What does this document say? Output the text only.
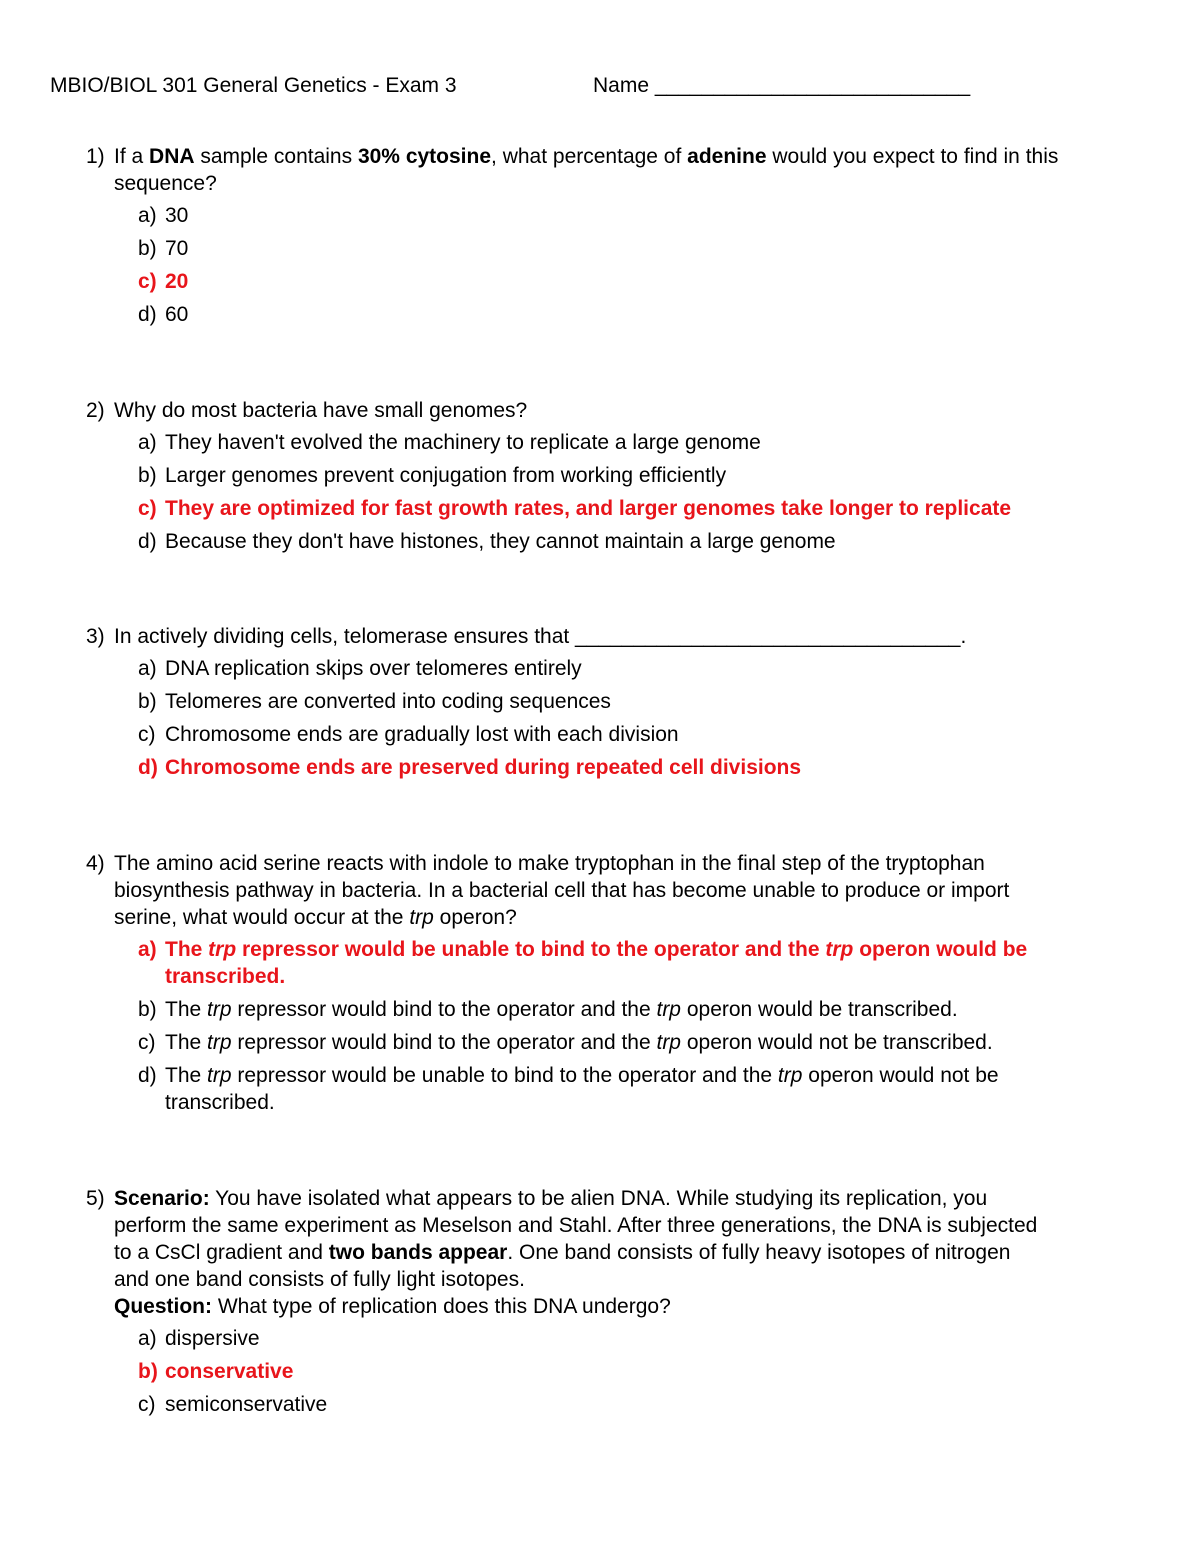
MBIO/BIOL 301 General Genetics - Exam 3	Name ___________________________
1) If a DNA sample contains 30% cytosine, what percentage of adenine would you expect to find in this sequence?
a) 30
b) 70
c) 20
d) 60
2) Why do most bacteria have small genomes?
a) They haven't evolved the machinery to replicate a large genome
b) Larger genomes prevent conjugation from working efficiently
c) They are optimized for fast growth rates, and larger genomes take longer to replicate
d) Because they don't have histones, they cannot maintain a large genome
3) In actively dividing cells, telomerase ensures that _________________________________.
a) DNA replication skips over telomeres entirely
b) Telomeres are converted into coding sequences
c) Chromosome ends are gradually lost with each division
d) Chromosome ends are preserved during repeated cell divisions
4) The amino acid serine reacts with indole to make tryptophan in the final step of the tryptophan
biosynthesis pathway in bacteria. In a bacterial cell that has become unable to produce or import
serine, what would occur at the trp operon?
a) The trp repressor would be unable to bind to the operator and the trp operon would be
transcribed.
b) The trp repressor would bind to the operator and the trp operon would be transcribed.
c) The trp repressor would bind to the operator and the trp operon would not be transcribed.
d) The trp repressor would be unable to bind to the operator and the trp operon would not be
transcribed.
5) Scenario: You have isolated what appears to be alien DNA. While studying its replication, you
perform the same experiment as Meselson and Stahl. After three generations, the DNA is subjected
to a CsCl gradient and two bands appear. One band consists of fully heavy isotopes of nitrogen
and one band consists of fully light isotopes.
Question: What type of replication does this DNA undergo?
a) dispersive
b) conservative
c) semiconservative
